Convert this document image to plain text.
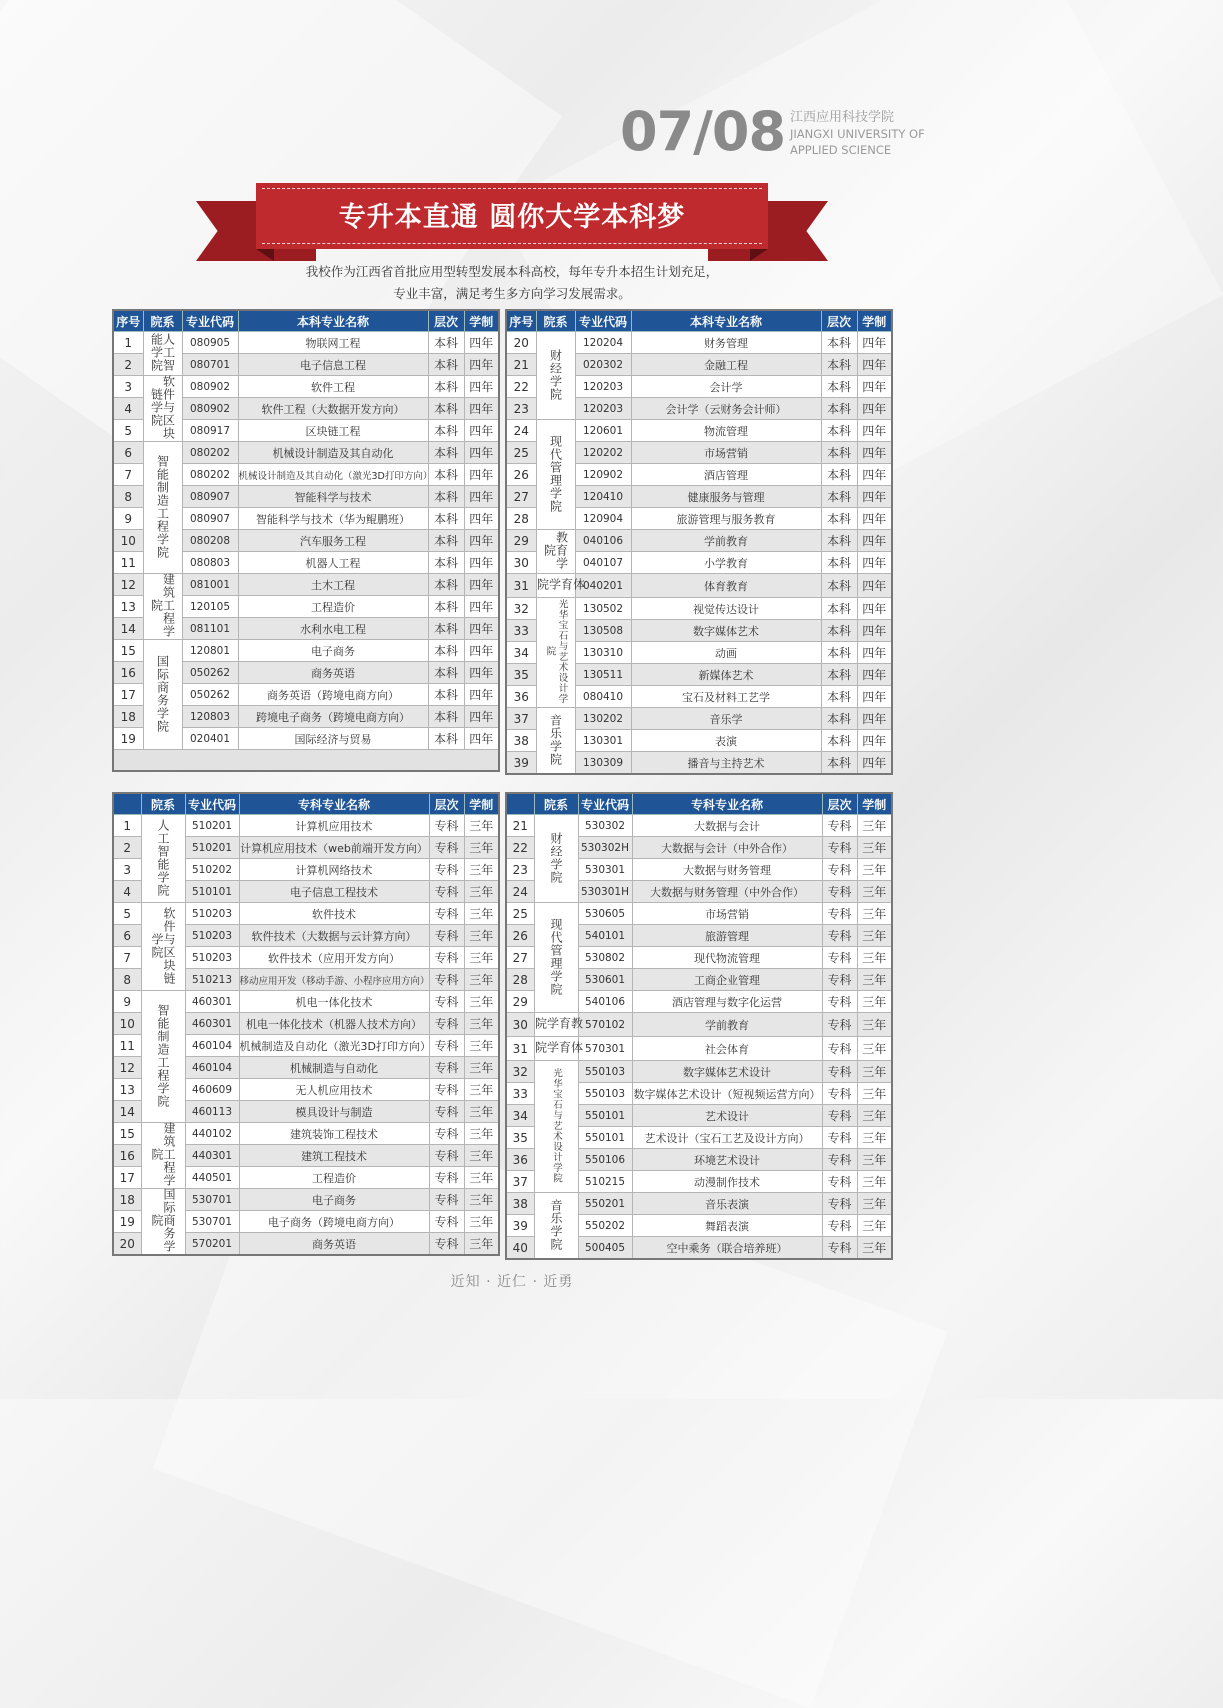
07/08 江西应用科技学院
JIANGXI UNIVERSITY OF
APPLIED SCIENCE
专升本直通 圆你大学本科梦
我校作为江西省首批应用型转型发展本科高校，每年专升本招生计划充足，
专业丰富，满足考生多方向学习发展需求。
序号	院系	专业代码	本科专业名称	层次	学制
1	人工智能学院	080905	物联网工程	本科	四年
2		080701	电子信息工程	本科	四年
3	软件与区块链学院	080902	软件工程	本科	四年
4		080902	软件工程（大数据开发方向）	本科	四年
5		080917	区块链工程	本科	四年
6	智能制造工程学院	080202	机械设计制造及其自动化	本科	四年
7		080202	机械设计制造及其自动化（激光3D打印方向）	本科	四年
8		080907	智能科学与技术	本科	四年
9		080907	智能科学与技术（华为鲲鹏班）	本科	四年
10		080208	汽车服务工程	本科	四年
11		080803	机器人工程	本科	四年
12	建筑工程学院	081001	土木工程	本科	四年
13		120105	工程造价	本科	四年
14		081101	水利水电工程	本科	四年
15	国际商务学院	120801	电子商务	本科	四年
16		050262	商务英语	本科	四年
17		050262	商务英语（跨境电商方向）	本科	四年
18		120803	跨境电子商务（跨境电商方向）	本科	四年
19		020401	国际经济与贸易	本科	四年

序号	院系	专业代码	本科专业名称	层次	学制
20	财经学院	120204	财务管理	本科	四年
21		020302	金融工程	本科	四年
22		120203	会计学	本科	四年
23		120203	会计学（云财务会计师）	本科	四年
24	现代管理学院	120601	物流管理	本科	四年
25		120202	市场营销	本科	四年
26		120902	酒店管理	本科	四年
27		120410	健康服务与管理	本科	四年
28		120904	旅游管理与服务教育	本科	四年
29	教育学院	040106	学前教育	本科	四年
30		040107	小学教育	本科	四年
31	体育学院	040201	体育教育	本科	四年
32	光华宝石与艺术设计学院	130502	视觉传达设计	本科	四年
33		130508	数字媒体艺术	本科	四年
34		130310	动画	本科	四年
35		130511	新媒体艺术	本科	四年
36		080410	宝石及材料工艺学	本科	四年
37	音乐学院	130202	音乐学	本科	四年
38		130301	表演	本科	四年
39		130309	播音与主持艺术	本科	四年
	院系	专业代码	专科专业名称	层次	学制
1	人工智能学院	510201	计算机应用技术	专科	三年
2		510201	计算机应用技术（web前端开发方向）	专科	三年
3		510202	计算机网络技术	专科	三年
4		510101	电子信息工程技术	专科	三年
5	软件与区块链学院	510203	软件技术	专科	三年
6		510203	软件技术（大数据与云计算方向）	专科	三年
7		510203	软件技术（应用开发方向）	专科	三年
8		510213	移动应用开发（移动手游、小程序应用方向）	专科	三年
9	智能制造工程学院	460301	机电一体化技术	专科	三年
10		460301	机电一体化技术（机器人技术方向）	专科	三年
11		460104	机械制造及自动化（激光3D打印方向）	专科	三年
12		460104	机械制造与自动化	专科	三年
13		460609	无人机应用技术	专科	三年
14		460113	模具设计与制造	专科	三年
15	建筑工程学院	440102	建筑装饰工程技术	专科	三年
16		440301	建筑工程技术	专科	三年
17		440501	工程造价	专科	三年
18	国际商务学院	530701	电子商务	专科	三年
19		530701	电子商务（跨境电商方向）	专科	三年
20		570201	商务英语	专科	三年
	院系	专业代码	专科专业名称	层次	学制
21	财经学院	530302	大数据与会计	专科	三年
22		530302H	大数据与会计（中外合作）	专科	三年
23		530301	大数据与财务管理	专科	三年
24		530301H	大数据与财务管理（中外合作）	专科	三年
25	现代管理学院	530605	市场营销	专科	三年
26		540101	旅游管理	专科	三年
27		530802	现代物流管理	专科	三年
28		530601	工商企业管理	专科	三年
29		540106	酒店管理与数字化运营	专科	三年
30	教育学院	570102	学前教育	专科	三年
31	体育学院	570301	社会体育	专科	三年
32	光华宝石与艺术设计学院	550103	数字媒体艺术设计	专科	三年
33		550103	数字媒体艺术设计（短视频运营方向）	专科	三年
34		550101	艺术设计	专科	三年
35		550101	艺术设计（宝石工艺及设计方向）	专科	三年
36		550106	环境艺术设计	专科	三年
37		510215	动漫制作技术	专科	三年
38	音乐学院	550201	音乐表演	专科	三年
39		550202	舞蹈表演	专科	三年
40		500405	空中乘务（联合培养班）	专科	三年
近知 · 近仁 · 近勇
